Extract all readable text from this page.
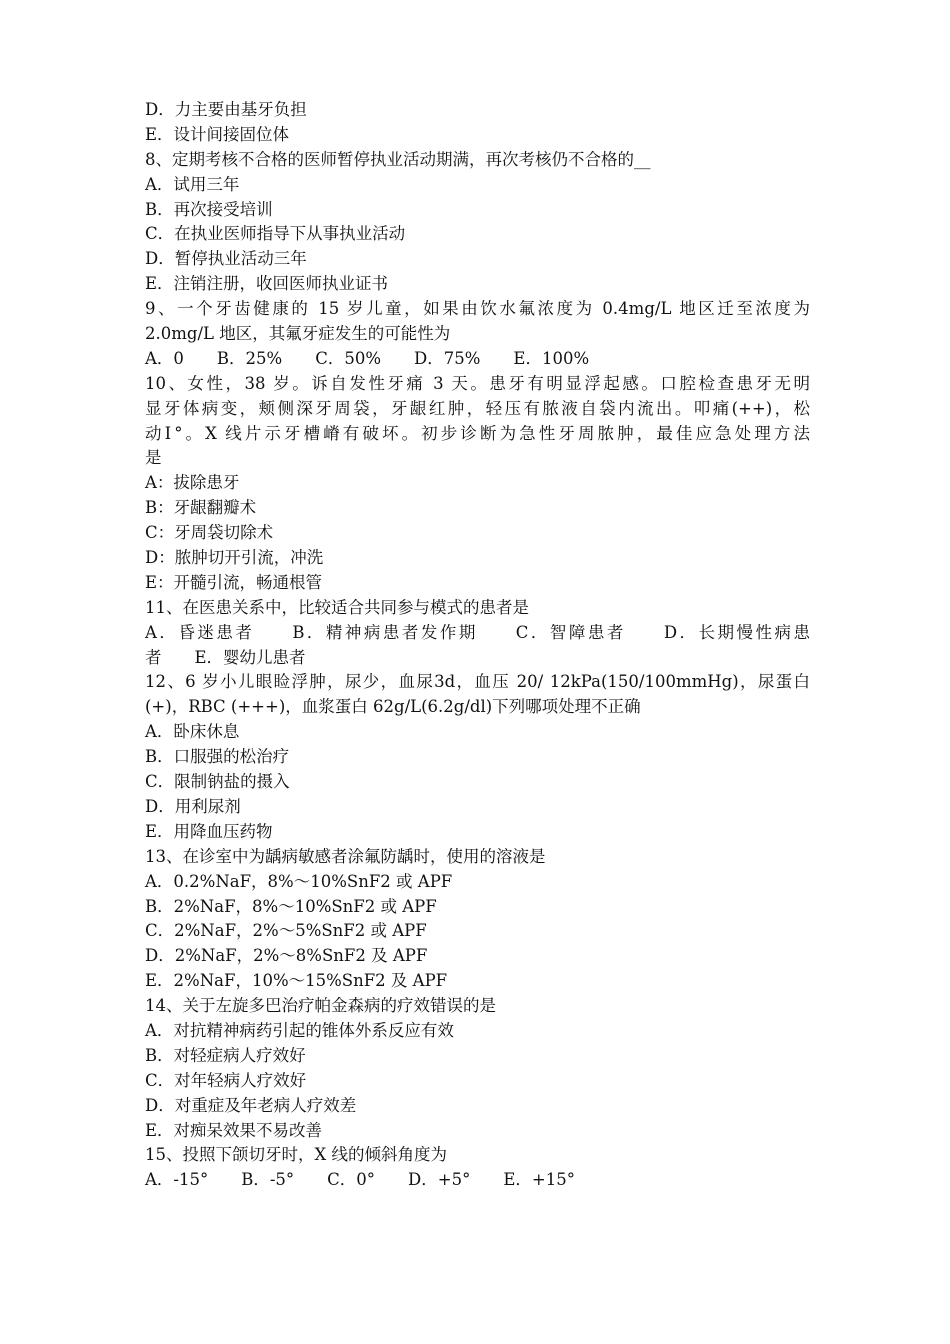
D．力主要由基牙负担
E．设计间接固位体
8、定期考核不合格的医师暂停执业活动期满，再次考核仍不合格的__
A．试用三年
B．再次接受培训
C．在执业医师指导下从事执业活动
D．暂停执业活动三年
E．注销注册，收回医师执业证书
9、一个牙齿健康的 15 岁儿童，如果由饮水氟浓度为 0.4mg/L 地区迁至浓度为
2.0mg/L 地区，其氟牙症发生的可能性为
A．0　　B．25%　　C．50%　　D．75%　　E．100%
10、女性，38 岁。诉自发性牙痛 3 天。患牙有明显浮起感。口腔检查患牙无明
显牙体病变，颊侧深牙周袋，牙龈红肿，轻压有脓液自袋内流出。叩痛(++)，松
动Ⅰ°。X 线片示牙槽嵴有破坏。初步诊断为急性牙周脓肿，最佳应急处理方法
是
A：拔除患牙
B：牙龈翻瓣术
C：牙周袋切除术
D：脓肿切开引流，冲洗
E：开髓引流，畅通根管
11、在医患关系中，比较适合共同参与模式的患者是
A．昏迷患者　　B．精神病患者发作期　　C．智障患者　　D．长期慢性病患
者　　E．婴幼儿患者
12、6 岁小儿眼睑浮肿，尿少，血尿3d，血压 20/ 12kPa(150/100mmHg)，尿蛋白
(+)，RBC (+++)，血浆蛋白 62g/L(6.2g/dl)下列哪项处理不正确
A．卧床休息
B．口服强的松治疗
C．限制钠盐的摄入
D．用利尿剂
E．用降血压药物
13、在诊室中为龋病敏感者涂氟防龋时，使用的溶液是
A．0.2%NaF，8%～10%SnF2 或 APF
B．2%NaF，8%～10%SnF2 或 APF
C．2%NaF，2%～5%SnF2 或 APF
D．2%NaF，2%～8%SnF2 及 APF
E．2%NaF，10%～15%SnF2 及 APF
14、关于左旋多巴治疗帕金森病的疗效错误的是
A．对抗精神病药引起的锥体外系反应有效
B．对轻症病人疗效好
C．对年轻病人疗效好
D．对重症及年老病人疗效差
E．对痴呆效果不易改善
15、投照下颌切牙时，X 线的倾斜角度为
A．-15°　　B．-5°　　C．0°　　D．+5°　　E．+15°
